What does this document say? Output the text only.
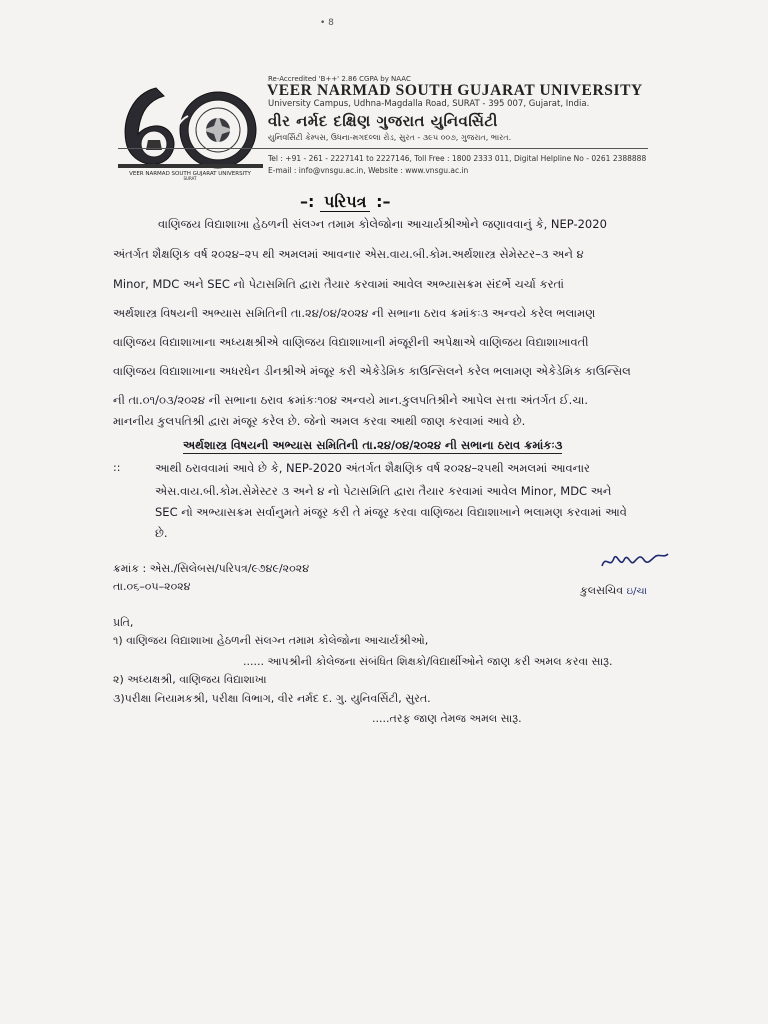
• 8
VEER NARMAD SOUTH GUJARAT UNIVERSITY
SURAT
Re-Accredited 'B++' 2.86 CGPA by NAAC
VEER NARMAD SOUTH GUJARAT UNIVERSITY
University Campus, Udhna-Magdalla Road, SURAT - 395 007, Gujarat, India.
વીર નર્મદ દક્ષિણ ગુજરાત યુનિવર્સિટી
યુનિવર્સિટી કેમ્પસ, ઉધના-મગદલ્લા રોડ, સુરત - ૩૯૫ ૦૦૭, ગુજરાત, ભારત.
Tel : +91 - 261 - 2227141 to 2227146, Toll Free : 1800 2333 011, Digital Helpline No - 0261 2388888
E-mail : info@vnsgu.ac.in, Website : www.vnsgu.ac.in
–: પરિપત્ર :–
વાણિજય વિદ્યાશાખા હેઠળની સંલગ્ન તમામ કોલેજોના આચાર્યશ્રીઓને જણાવવાનું કે, NEP-2020
અંતર્ગત શૈક્ષણિક વર્ષ ૨૦૨૪–૨૫ થી અમલમાં આવનાર એસ.વાય.બી.કોમ.અર્થશાસ્ત્ર સેમેસ્ટર–૩ અને ૪
Minor, MDC અને SEC નો પેટાસમિતિ દ્વારા તૈયાર કરવામાં આવેલ અભ્યાસક્રમ સંદર્ભે ચર્ચા કરતાં
અર્થશાસ્ત્ર વિષયની અભ્યાસ સમિતિની તા.૨૪/૦૪/૨૦૨૪ ની સભાના ઠરાવ ક્રમાંકઃ૩ અન્વયે કરેલ ભલામણ
વાણિજય વિદ્યાશાખાના અધ્યક્ષશ્રીએ વાણિજય વિદ્યાશાખાની મંજૂરીની અપેક્ષાએ વાણિજય વિદ્યાશાખાવતી
વાણિજય વિદ્યાશાખાના અધરધેન ડીનશ્રીએ મંજૂર કરી એકેડેમિક કાઉન્સિલને કરેલ ભલામણ એકેડેમિક કાઉન્સિલ
ની તા.૦૧/૦૩/૨૦૨૪ ની સભાના ઠરાવ ક્રમાંકઃ૧૦૪ અન્વયે માન.કુલપતિશ્રીને આપેલ સત્તા અંતર્ગત ઈ.ચા.
માનનીય કુલપતિશ્રી દ્વારા મંજૂર કરેલ છે. જેનો અમલ કરવા આથી જાણ કરવામાં આવે છે.
અર્થશાસ્ત્ર વિષયની અભ્યાસ સમિતિની તા.૨૪/૦૪/૨૦૨૪ ની સભાના ઠરાવ ક્રમાંકઃ૩
::	આથી ઠરાવવામાં આવે છે કે, NEP-2020 અંતર્ગત શૈક્ષણિક વર્ષ ૨૦૨૪–૨૫થી અમલમાં આવનાર
એસ.વાય.બી.કોમ.સેમેસ્ટર ૩ અને ૪ નો પેટાસમિતિ દ્વારા તૈયાર કરવામાં આવેલ Minor, MDC અને
SEC નો અભ્યાસક્રમ સર્વાનુમતે મંજૂર કરી તે મંજૂર કરવા વાણિજય વિદ્યાશાખાને ભલામણ કરવામાં આવે
છે.
ક્રમાંક : એસ./સિલેબસ/પરિપત્ર/૯૭૪૯/૨૦૨૪
તા.૦૬–૦૫–૨૦૨૪	કુલસચિવ ઇ/ચા
પ્રતિ,
૧) વાણિજય વિદ્યાશાખા હેઠળની સંલગ્ન તમામ કોલેજોના આચાર્યશ્રીઓ,
...... આપશ્રીની કોલેજના સંબંધિત શિક્ષકો/વિદ્યાર્થીઓને જાણ કરી અમલ કરવા સારૂ.
૨) અધ્યક્ષશ્રી, વાણિજય વિદ્યાશાખા
૩)પરીક્ષા નિયામકશ્રી, પરીક્ષા વિભાગ, વીર નર્મદ દ. ગુ. યુનિવર્સિટી, સુરત.
.....તરફ જાણ તેમજ અમલ સારૂ.
